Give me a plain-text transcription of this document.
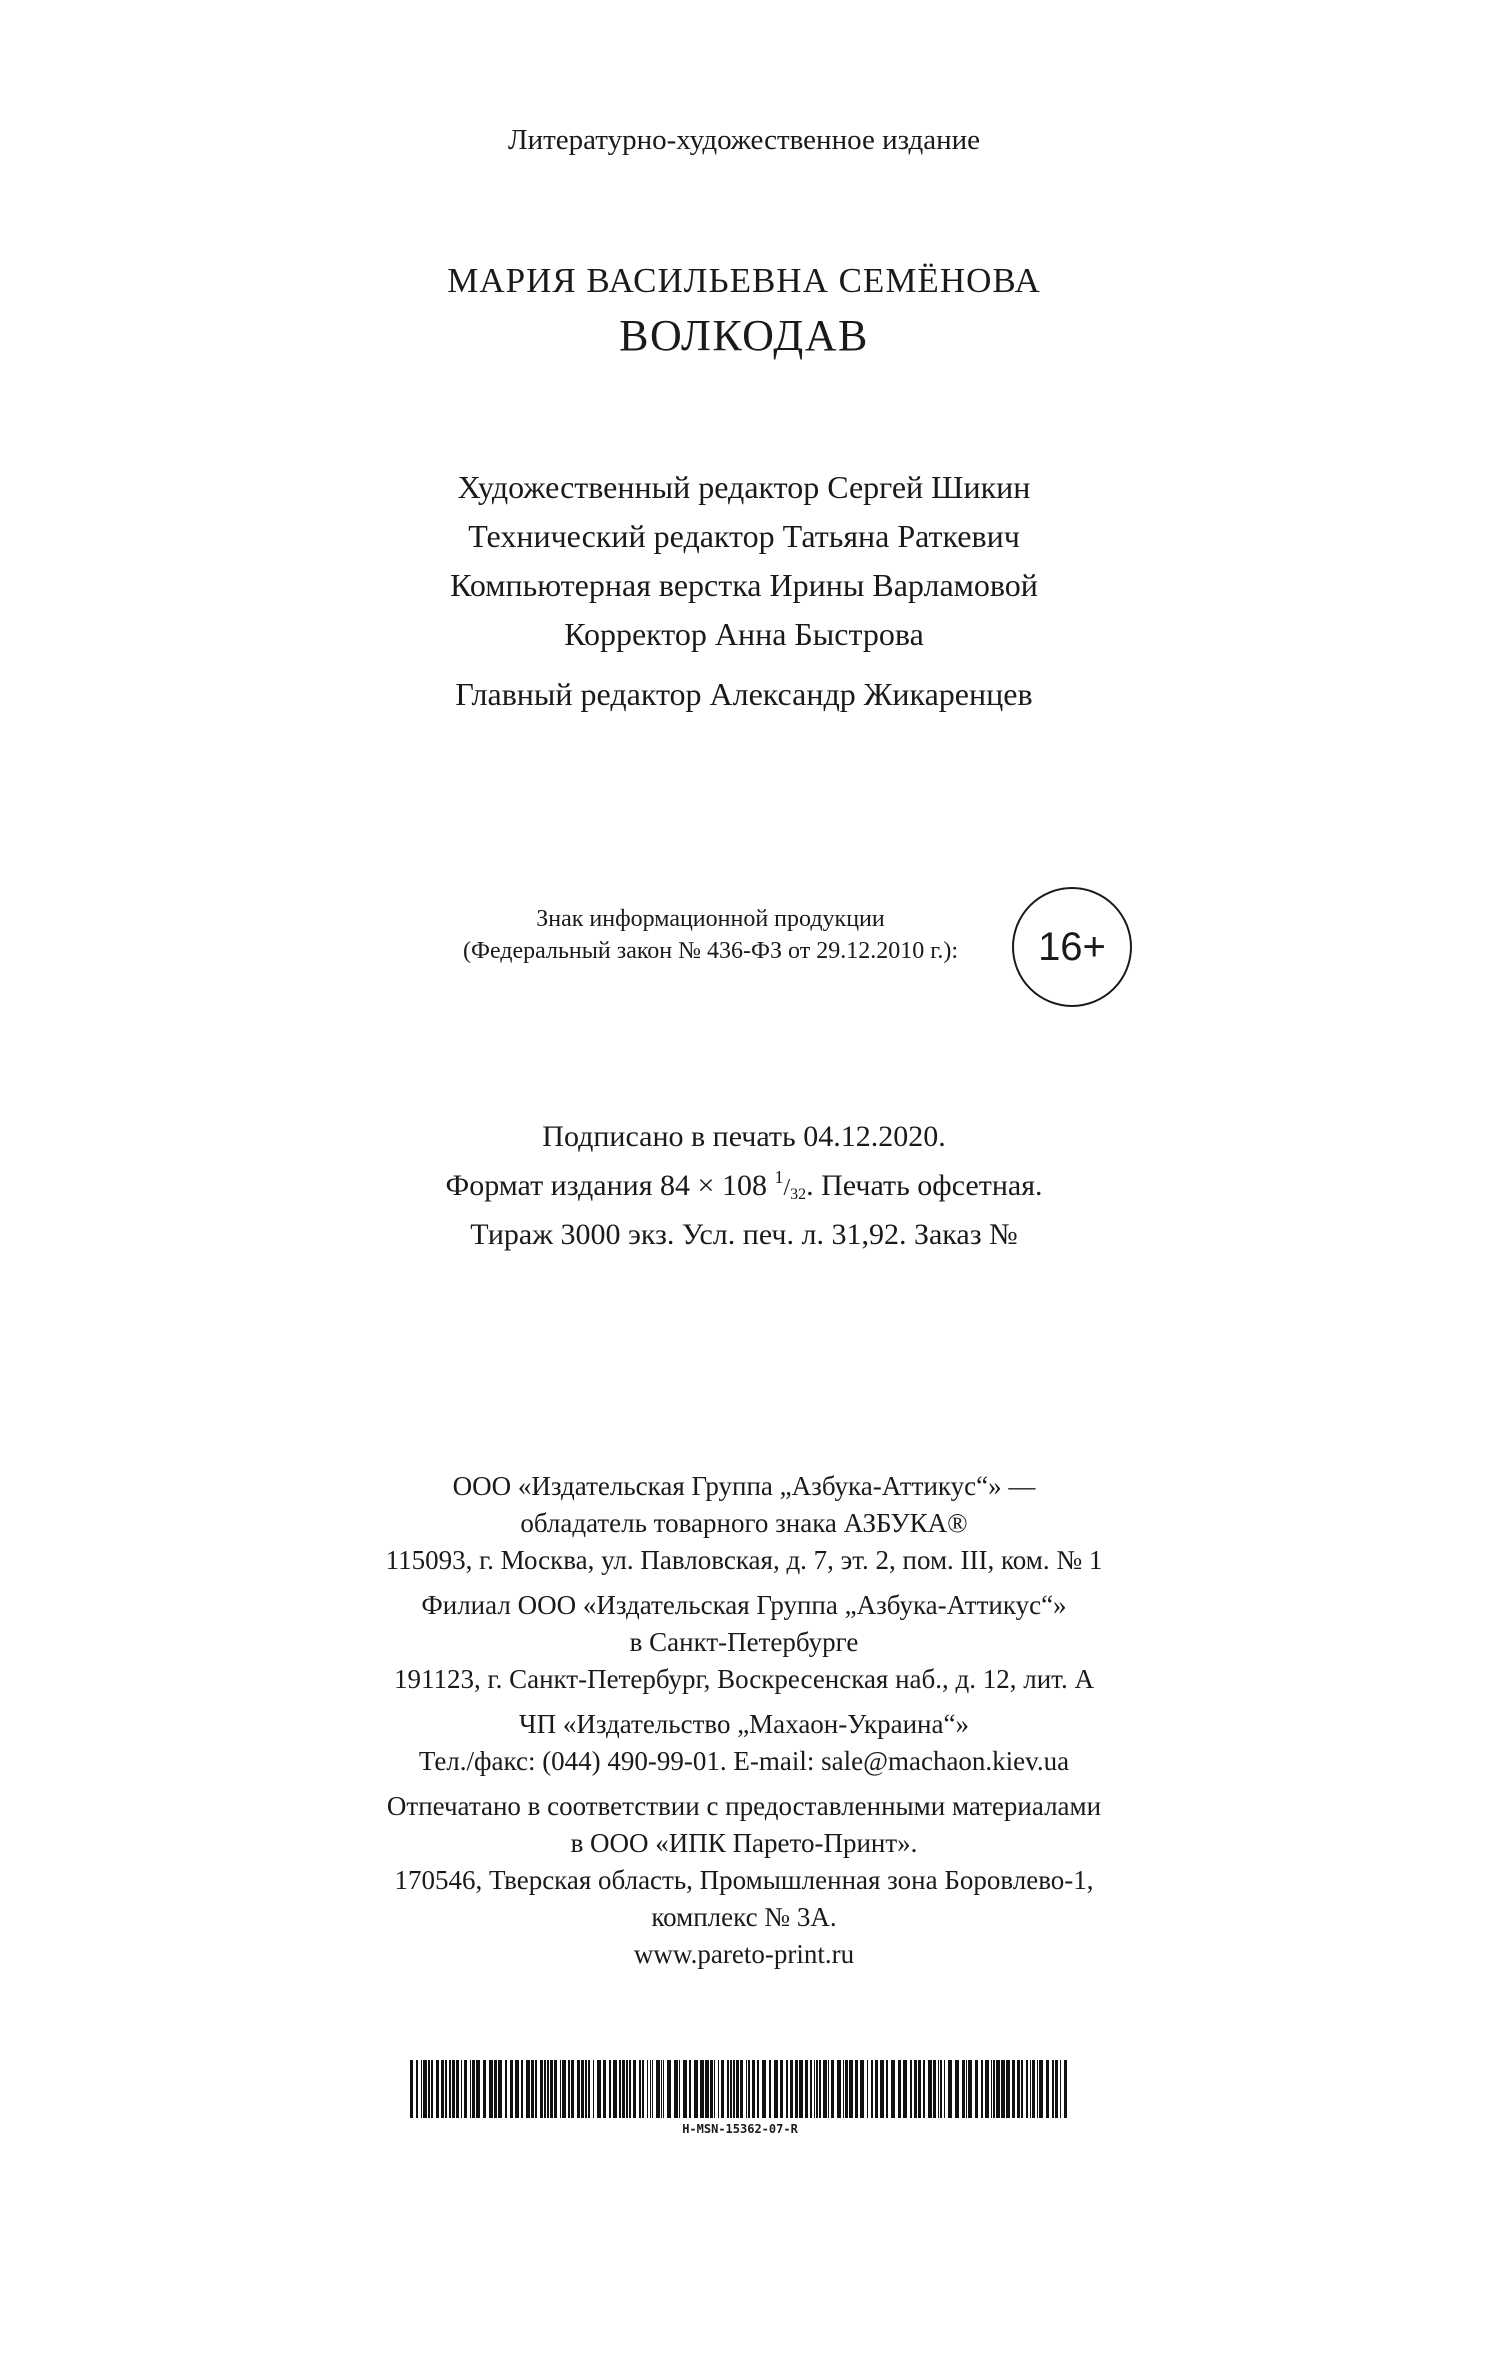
Литературно-художественное издание
МАРИЯ ВАСИЛЬЕВНА СЕМЁНОВА
ВОЛКОДАВ
Художественный редактор Сергей Шикин
Технический редактор Татьяна Раткевич
Компьютерная верстка Ирины Варламовой
Корректор Анна Быстрова
Главный редактор Александр Жикаренцев
Знак информационной продукции
(Федеральный закон № 436-ФЗ от 29.12.2010 г.):	16+
Подписано в печать 04.12.2020.
Формат издания 84 × 108 $^1$/32. Печать офсетная.
Тираж 3000 экз. Усл. печ. л. 31,92. Заказ №
ООО «Издательская Группа „Азбука-Аттикус“» —
обладатель товарного знака АЗБУКА®
115093, г. Москва, ул. Павловская, д. 7, эт. 2, пом. III, ком. № 1
Филиал ООО «Издательская Группа „Азбука-Аттикус“»
в Санкт-Петербурге
191123, г. Санкт-Петербург, Воскресенская наб., д. 12, лит. А
ЧП «Издательство „Махаон-Украина“»
Тел./факс: (044) 490-99-01. E-mail: sale@machaon.kiev.ua
Отпечатано в соответствии с предоставленными материалами
в ООО «ИПК Парето-Принт».
170546, Тверская область, Промышленная зона Боровлево-1,
комплекс № 3А.
www.pareto-print.ru
H-MSN-15362-07-R
